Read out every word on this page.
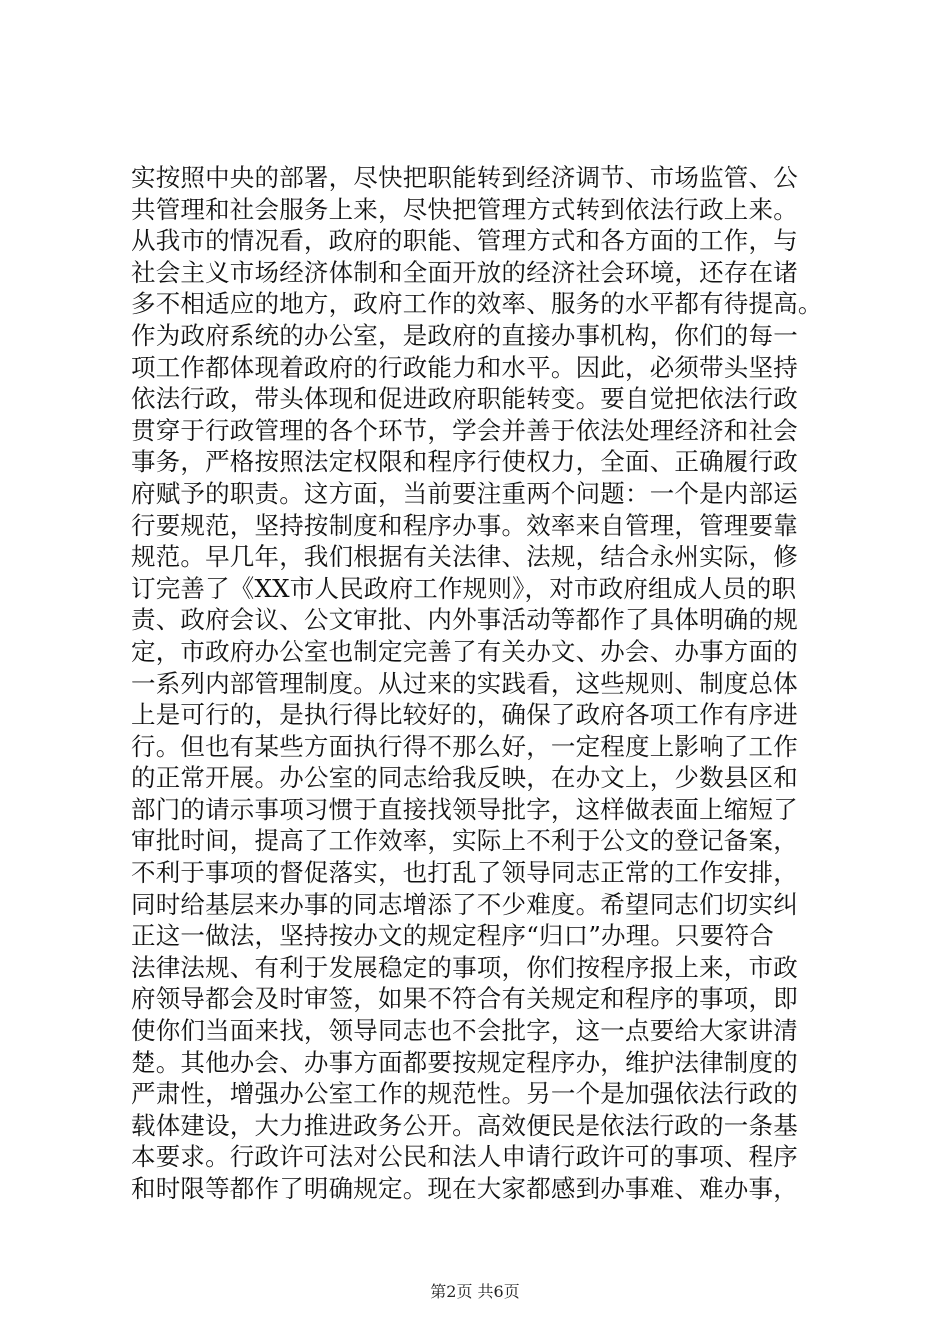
实按照中央的部署，尽快把职能转到经济调节、市场监管、公
共管理和社会服务上来，尽快把管理方式转到依法行政上来。
从我市的情况看，政府的职能、管理方式和各方面的工作，与
社会主义市场经济体制和全面开放的经济社会环境，还存在诸
多不相适应的地方，政府工作的效率、服务的水平都有待提高。
作为政府系统的办公室，是政府的直接办事机构，你们的每一
项工作都体现着政府的行政能力和水平。因此，必须带头坚持
依法行政，带头体现和促进政府职能转变。要自觉把依法行政
贯穿于行政管理的各个环节，学会并善于依法处理经济和社会
事务，严格按照法定权限和程序行使权力，全面、正确履行政
府赋予的职责。这方面，当前要注重两个问题：一个是内部运
行要规范，坚持按制度和程序办事。效率来自管理，管理要靠
规范。早几年，我们根据有关法律、法规，结合永州实际，修
订完善了《XX市人民政府工作规则》，对市政府组成人员的职
责、政府会议、公文审批、内外事活动等都作了具体明确的规
定，市政府办公室也制定完善了有关办文、办会、办事方面的
一系列内部管理制度。从过来的实践看，这些规则、制度总体
上是可行的，是执行得比较好的，确保了政府各项工作有序进
行。但也有某些方面执行得不那么好，一定程度上影响了工作
的正常开展。办公室的同志给我反映，在办文上，少数县区和
部门的请示事项习惯于直接找领导批字，这样做表面上缩短了
审批时间，提高了工作效率，实际上不利于公文的登记备案，
不利于事项的督促落实，也打乱了领导同志正常的工作安排，
同时给基层来办事的同志增添了不少难度。希望同志们切实纠
正这一做法，坚持按办文的规定程序“归口”办理。只要符合
法律法规、有利于发展稳定的事项，你们按程序报上来，市政
府领导都会及时审签，如果不符合有关规定和程序的事项，即
使你们当面来找，领导同志也不会批字，这一点要给大家讲清
楚。其他办会、办事方面都要按规定程序办，维护法律制度的
严肃性，增强办公室工作的规范性。另一个是加强依法行政的
载体建设，大力推进政务公开。高效便民是依法行政的一条基
本要求。行政许可法对公民和法人申请行政许可的事项、程序
和时限等都作了明确规定。现在大家都感到办事难、难办事，
第2页 共6页
